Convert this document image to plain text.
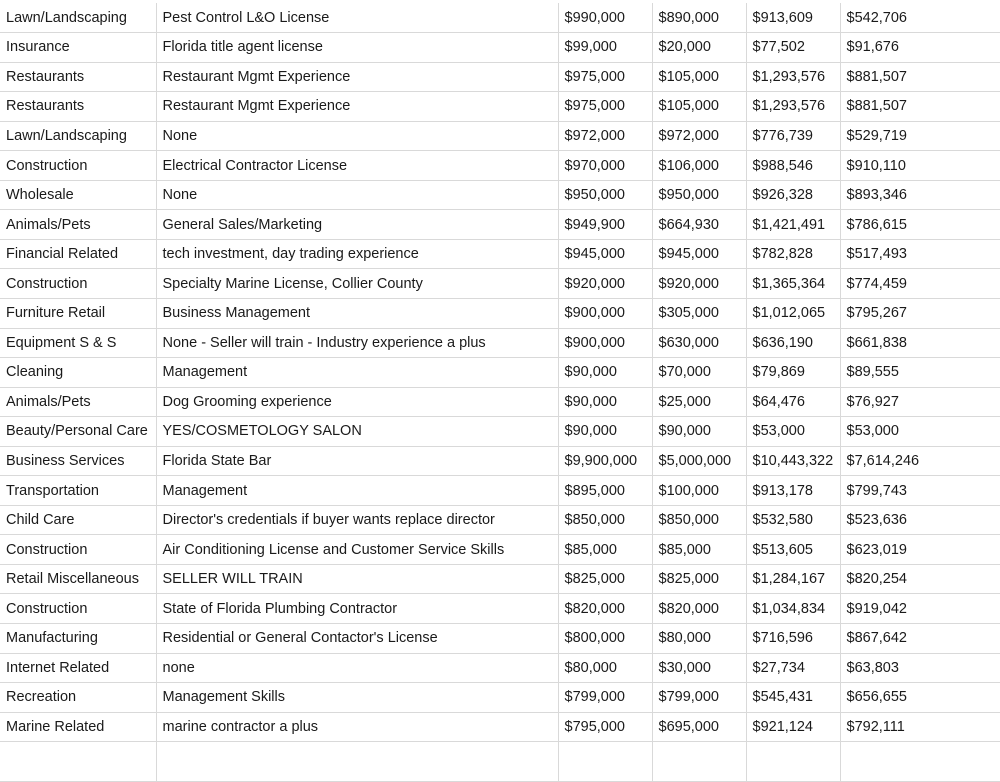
Lawn/Landscaping	Pest Control L&O License	$990,000	$890,000	$913,609	$542,706
Insurance	Florida title agent license	$99,000	$20,000	$77,502	$91,676
Restaurants	Restaurant Mgmt Experience	$975,000	$105,000	$1,293,576	$881,507
Restaurants	Restaurant Mgmt Experience	$975,000	$105,000	$1,293,576	$881,507
Lawn/Landscaping	None	$972,000	$972,000	$776,739	$529,719
Construction	Electrical Contractor License	$970,000	$106,000	$988,546	$910,110
Wholesale	None	$950,000	$950,000	$926,328	$893,346
Animals/Pets	General Sales/Marketing	$949,900	$664,930	$1,421,491	$786,615
Financial Related	tech investment, day trading experience	$945,000	$945,000	$782,828	$517,493
Construction	Specialty Marine License, Collier County	$920,000	$920,000	$1,365,364	$774,459
Furniture Retail	Business Management	$900,000	$305,000	$1,012,065	$795,267
Equipment S & S	None - Seller will train - Industry experience a plus	$900,000	$630,000	$636,190	$661,838
Cleaning	Management	$90,000	$70,000	$79,869	$89,555
Animals/Pets	Dog Grooming experience	$90,000	$25,000	$64,476	$76,927
Beauty/Personal Care	YES/COSMETOLOGY SALON	$90,000	$90,000	$53,000	$53,000
Business Services	Florida State Bar	$9,900,000	$5,000,000	$10,443,322	$7,614,246
Transportation	Management	$895,000	$100,000	$913,178	$799,743
Child Care	Director's credentials if buyer wants replace director	$850,000	$850,000	$532,580	$523,636
Construction	Air Conditioning License and Customer Service Skills	$85,000	$85,000	$513,605	$623,019
Retail Miscellaneous	SELLER WILL TRAIN	$825,000	$825,000	$1,284,167	$820,254
Construction	State of Florida Plumbing Contractor	$820,000	$820,000	$1,034,834	$919,042
Manufacturing	Residential or General Contactor's License	$800,000	$80,000	$716,596	$867,642
Internet Related	none	$80,000	$30,000	$27,734	$63,803
Recreation	Management Skills	$799,000	$799,000	$545,431	$656,655
Marine Related	marine contractor a plus	$795,000	$695,000	$921,124	$792,111
